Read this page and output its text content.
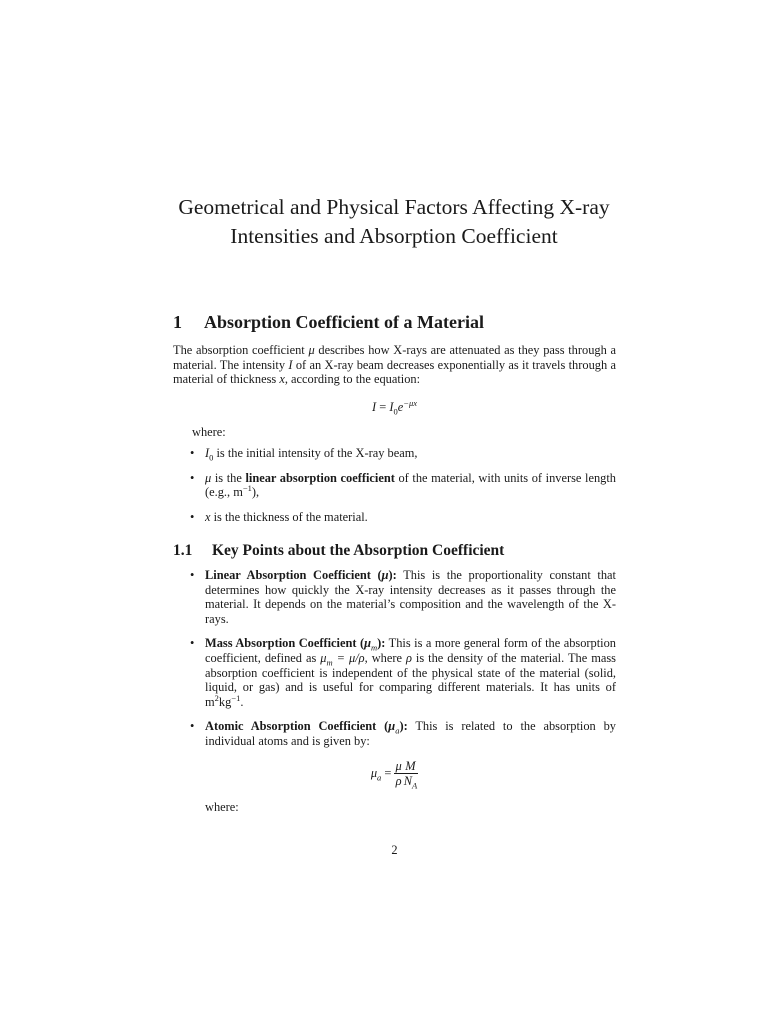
Geometrical and Physical Factors Affecting X-ray
Intensities and Absorption Coefficient
1 Absorption Coefficient of a Material

The absorption coefficient μ describes how X-rays are attenuated as they pass through a material. The intensity I of an X-ray beam decreases exponentially as it travels through a material of thickness x, according to the equation:

$I = I_0e^{-\mu x}$

where:

• $I_0$ is the initial intensity of the X-ray beam,
• μ is the linear absorption coefficient of the material, with units of inverse length (e.g., $m^{-1}$),
• x is the thickness of the material.
1.1 Key Points about the Absorption Coefficient
• Linear Absorption Coefficient (μ): This is the proportionality constant that determines how quickly the X-ray intensity decreases as it passes through the material. It depends on the material’s composition and the wavelength of the X-rays.
• Mass Absorption Coefficient $(\mu_m)$: This is a more general form of the absorption coefficient, defined as $\mu_m = \mu/\rho$, where ρ is the density of the material. The mass absorption coefficient is independent of the physical state of the material (solid, liquid, or gas) and is useful for comparing different materials. It has units of $m^2kg^{-1}$.
• Atomic Absorption Coefficient $(\mu_a)$: This is related to the absorption by individual atoms and is given by:
$\mu_a = \frac{\mu}{\rho} \frac{M}{N_A}$
where:

2
